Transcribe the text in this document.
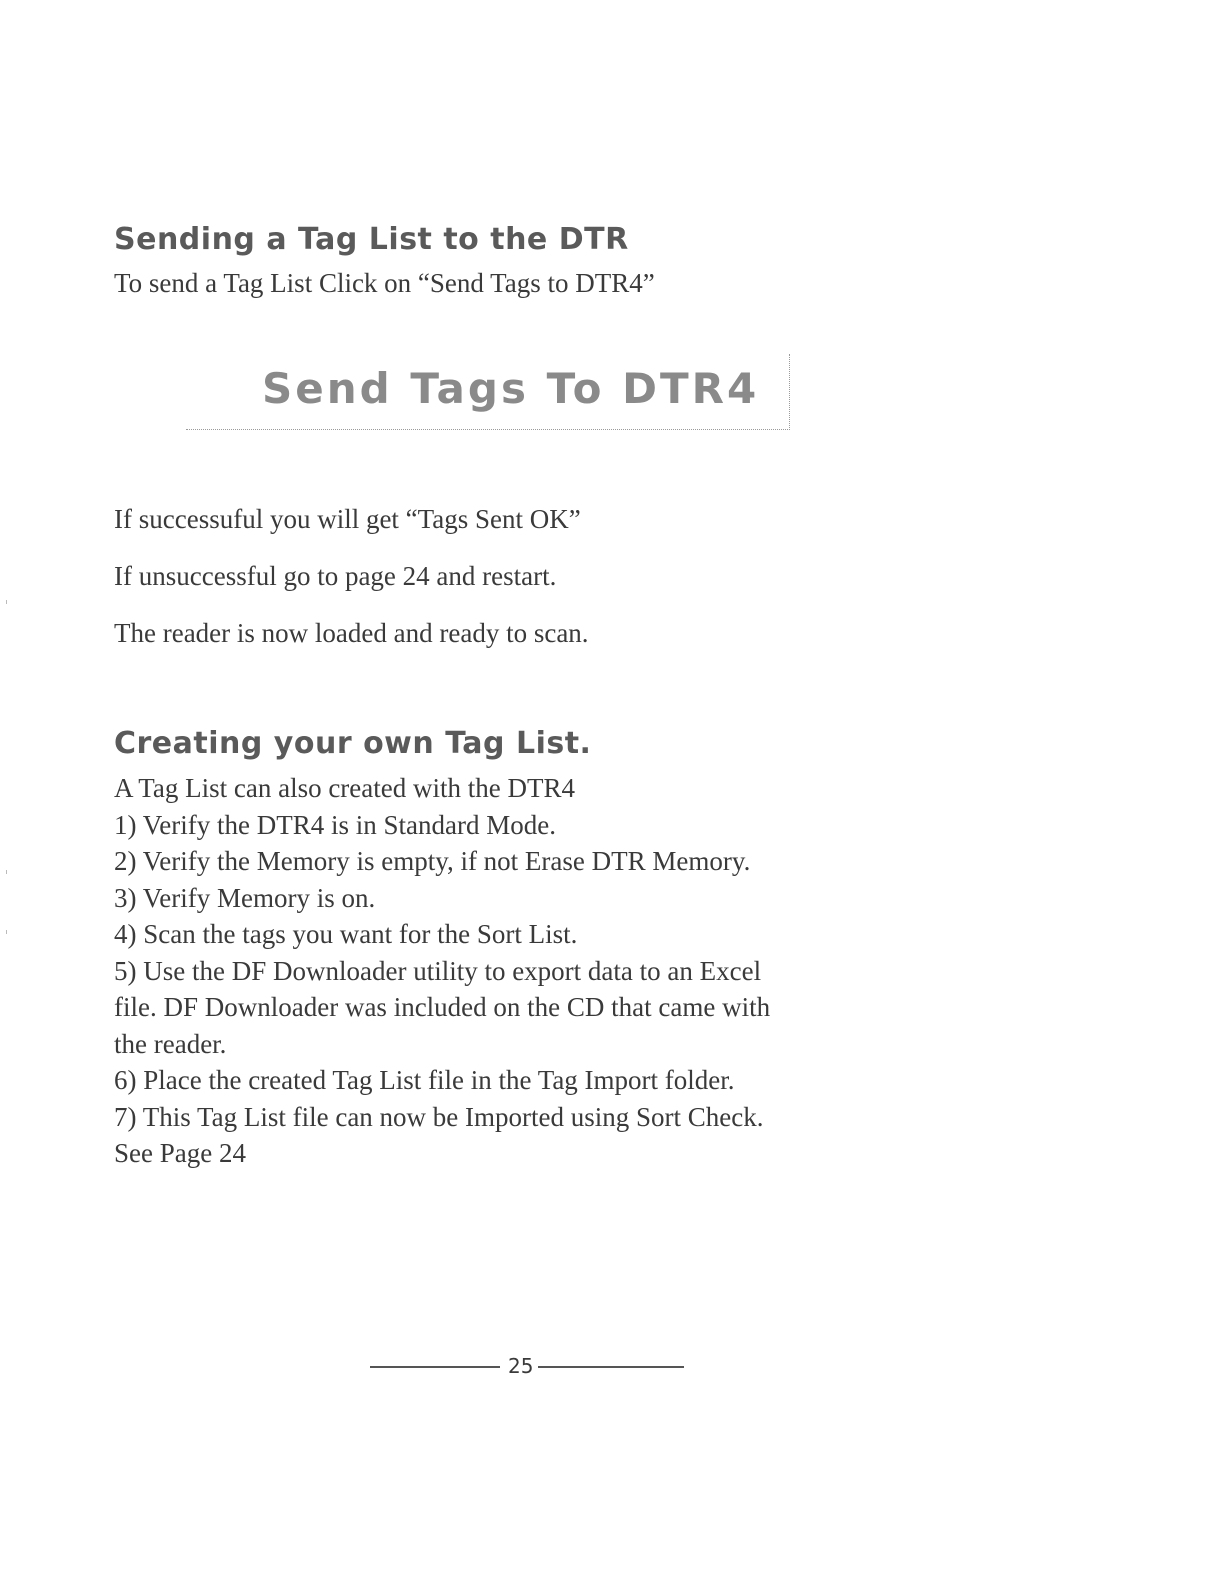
Sending a Tag List to the DTR
To send a Tag List Click on “Send Tags to DTR4”
Send Tags To DTR4
If successuful you will get “Tags Sent OK”
If unsuccessful go to page 24 and restart.
The reader is now loaded and ready to scan.
Creating your own Tag List.
A Tag List can also created with the DTR4
1) Verify the DTR4 is in Standard Mode.
2) Verify the Memory is empty, if not Erase DTR Memory.
3) Verify Memory is on.
4) Scan the tags you want for the Sort List.
5) Use the DF Downloader utility to export data to an Excel
file. DF Downloader was included on the CD that came with
the reader.
6) Place the created Tag List file in the Tag Import folder.
7) This Tag List file can now be Imported using Sort Check.
See Page 24
25
